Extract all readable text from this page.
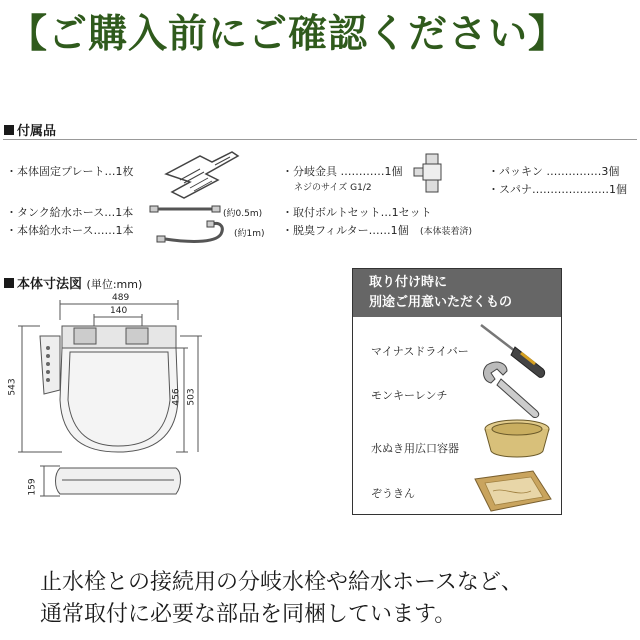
【ご購入前にご確認ください】
付属品
・本体固定プレート…1枚	・分岐金具 …………1個
ネジのサイズ G1/2
・パッキン ……………3個
・スパナ…………………1個
・タンク給水ホース…1本	(約0.5m)
・本体給水ホース……1本	(約1m)
・取付ボルトセット…1セット
・脱臭フィルター……1個 (本体装着済)
本体寸法図 (単位:mm)
489
140
543
456 503
159
取り付け時に
別途ご用意いただくもの
マイナスドライバー
モンキーレンチ
水ぬき用広口容器
ぞうきん
止水栓との接続用の分岐水栓や給水ホースなど、
通常取付に必要な部品を同梱しています。
